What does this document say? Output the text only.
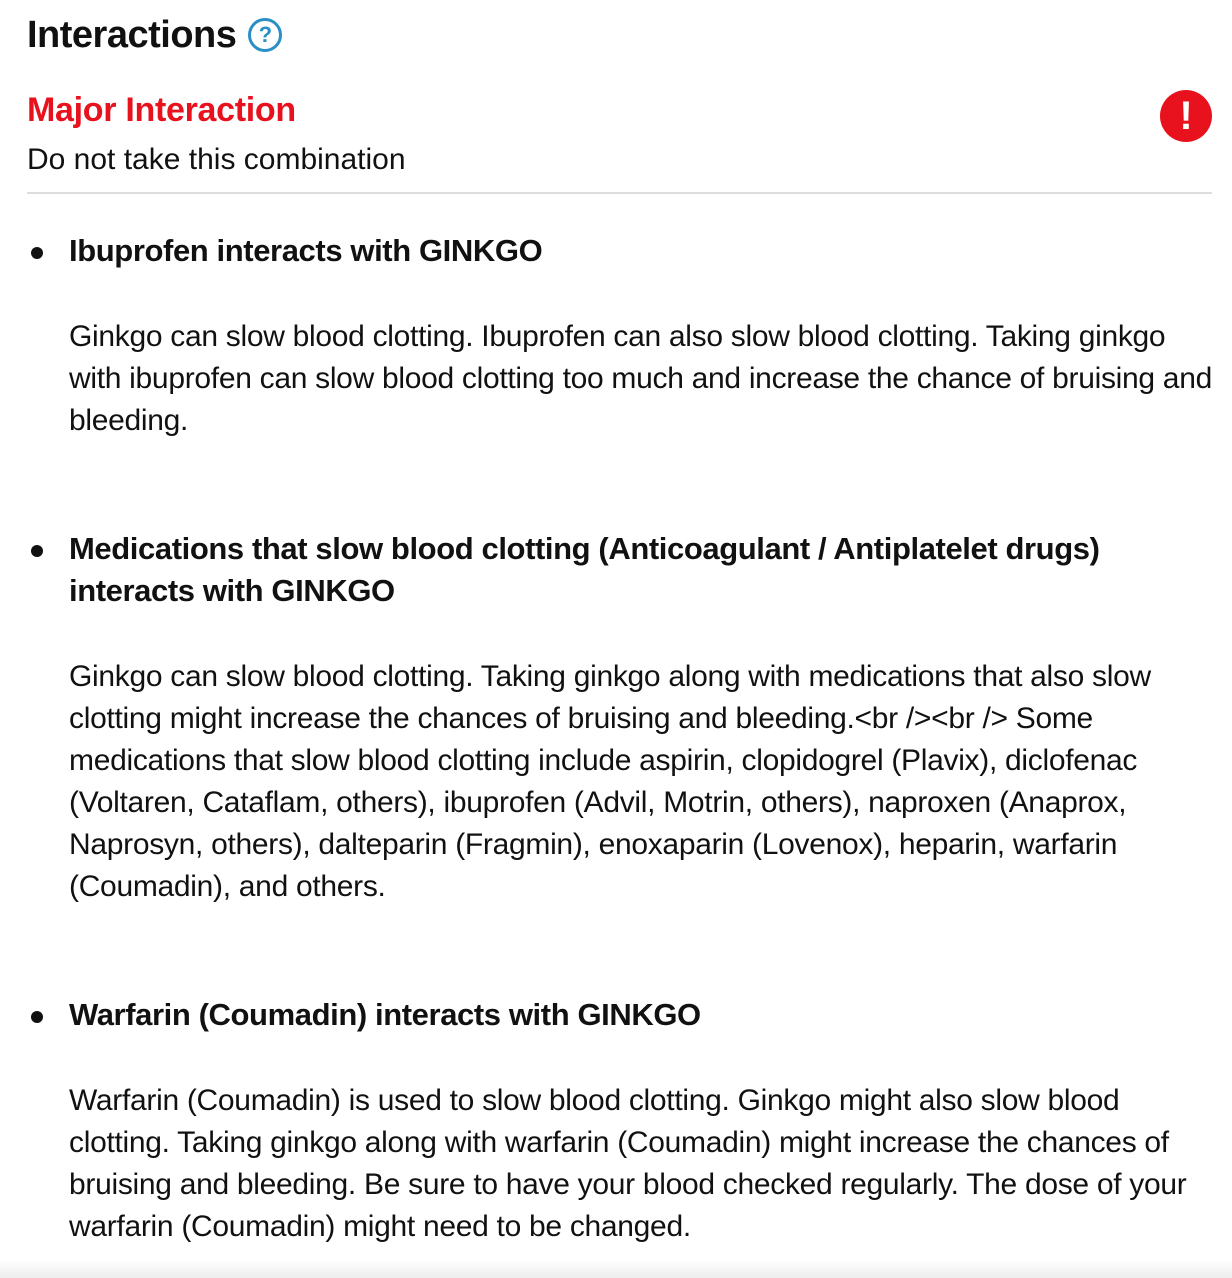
Interactions	?
Major Interaction
Do not take this combination
!
Ibuprofen interacts with GINKGO
Ginkgo can slow blood clotting. Ibuprofen can also slow blood clotting. Taking ginkgo with ibuprofen can slow blood clotting too much and increase the chance of bruising and bleeding.
Medications that slow blood clotting (Anticoagulant / Antiplatelet drugs) interacts with GINKGO
Ginkgo can slow blood clotting. Taking ginkgo along with medications that also slow clotting might increase the chances of bruising and bleeding.<br /><br /> Some medications that slow blood clotting include aspirin, clopidogrel (Plavix), diclofenac (Voltaren, Cataflam, others), ibuprofen (Advil, Motrin, others), naproxen (Anaprox, Naprosyn, others), dalteparin (Fragmin), enoxaparin (Lovenox), heparin, warfarin (Coumadin), and others.
Warfarin (Coumadin) interacts with GINKGO
Warfarin (Coumadin) is used to slow blood clotting. Ginkgo might also slow blood clotting. Taking ginkgo along with warfarin (Coumadin) might increase the chances of bruising and bleeding. Be sure to have your blood checked regularly. The dose of your warfarin (Coumadin) might need to be changed.
